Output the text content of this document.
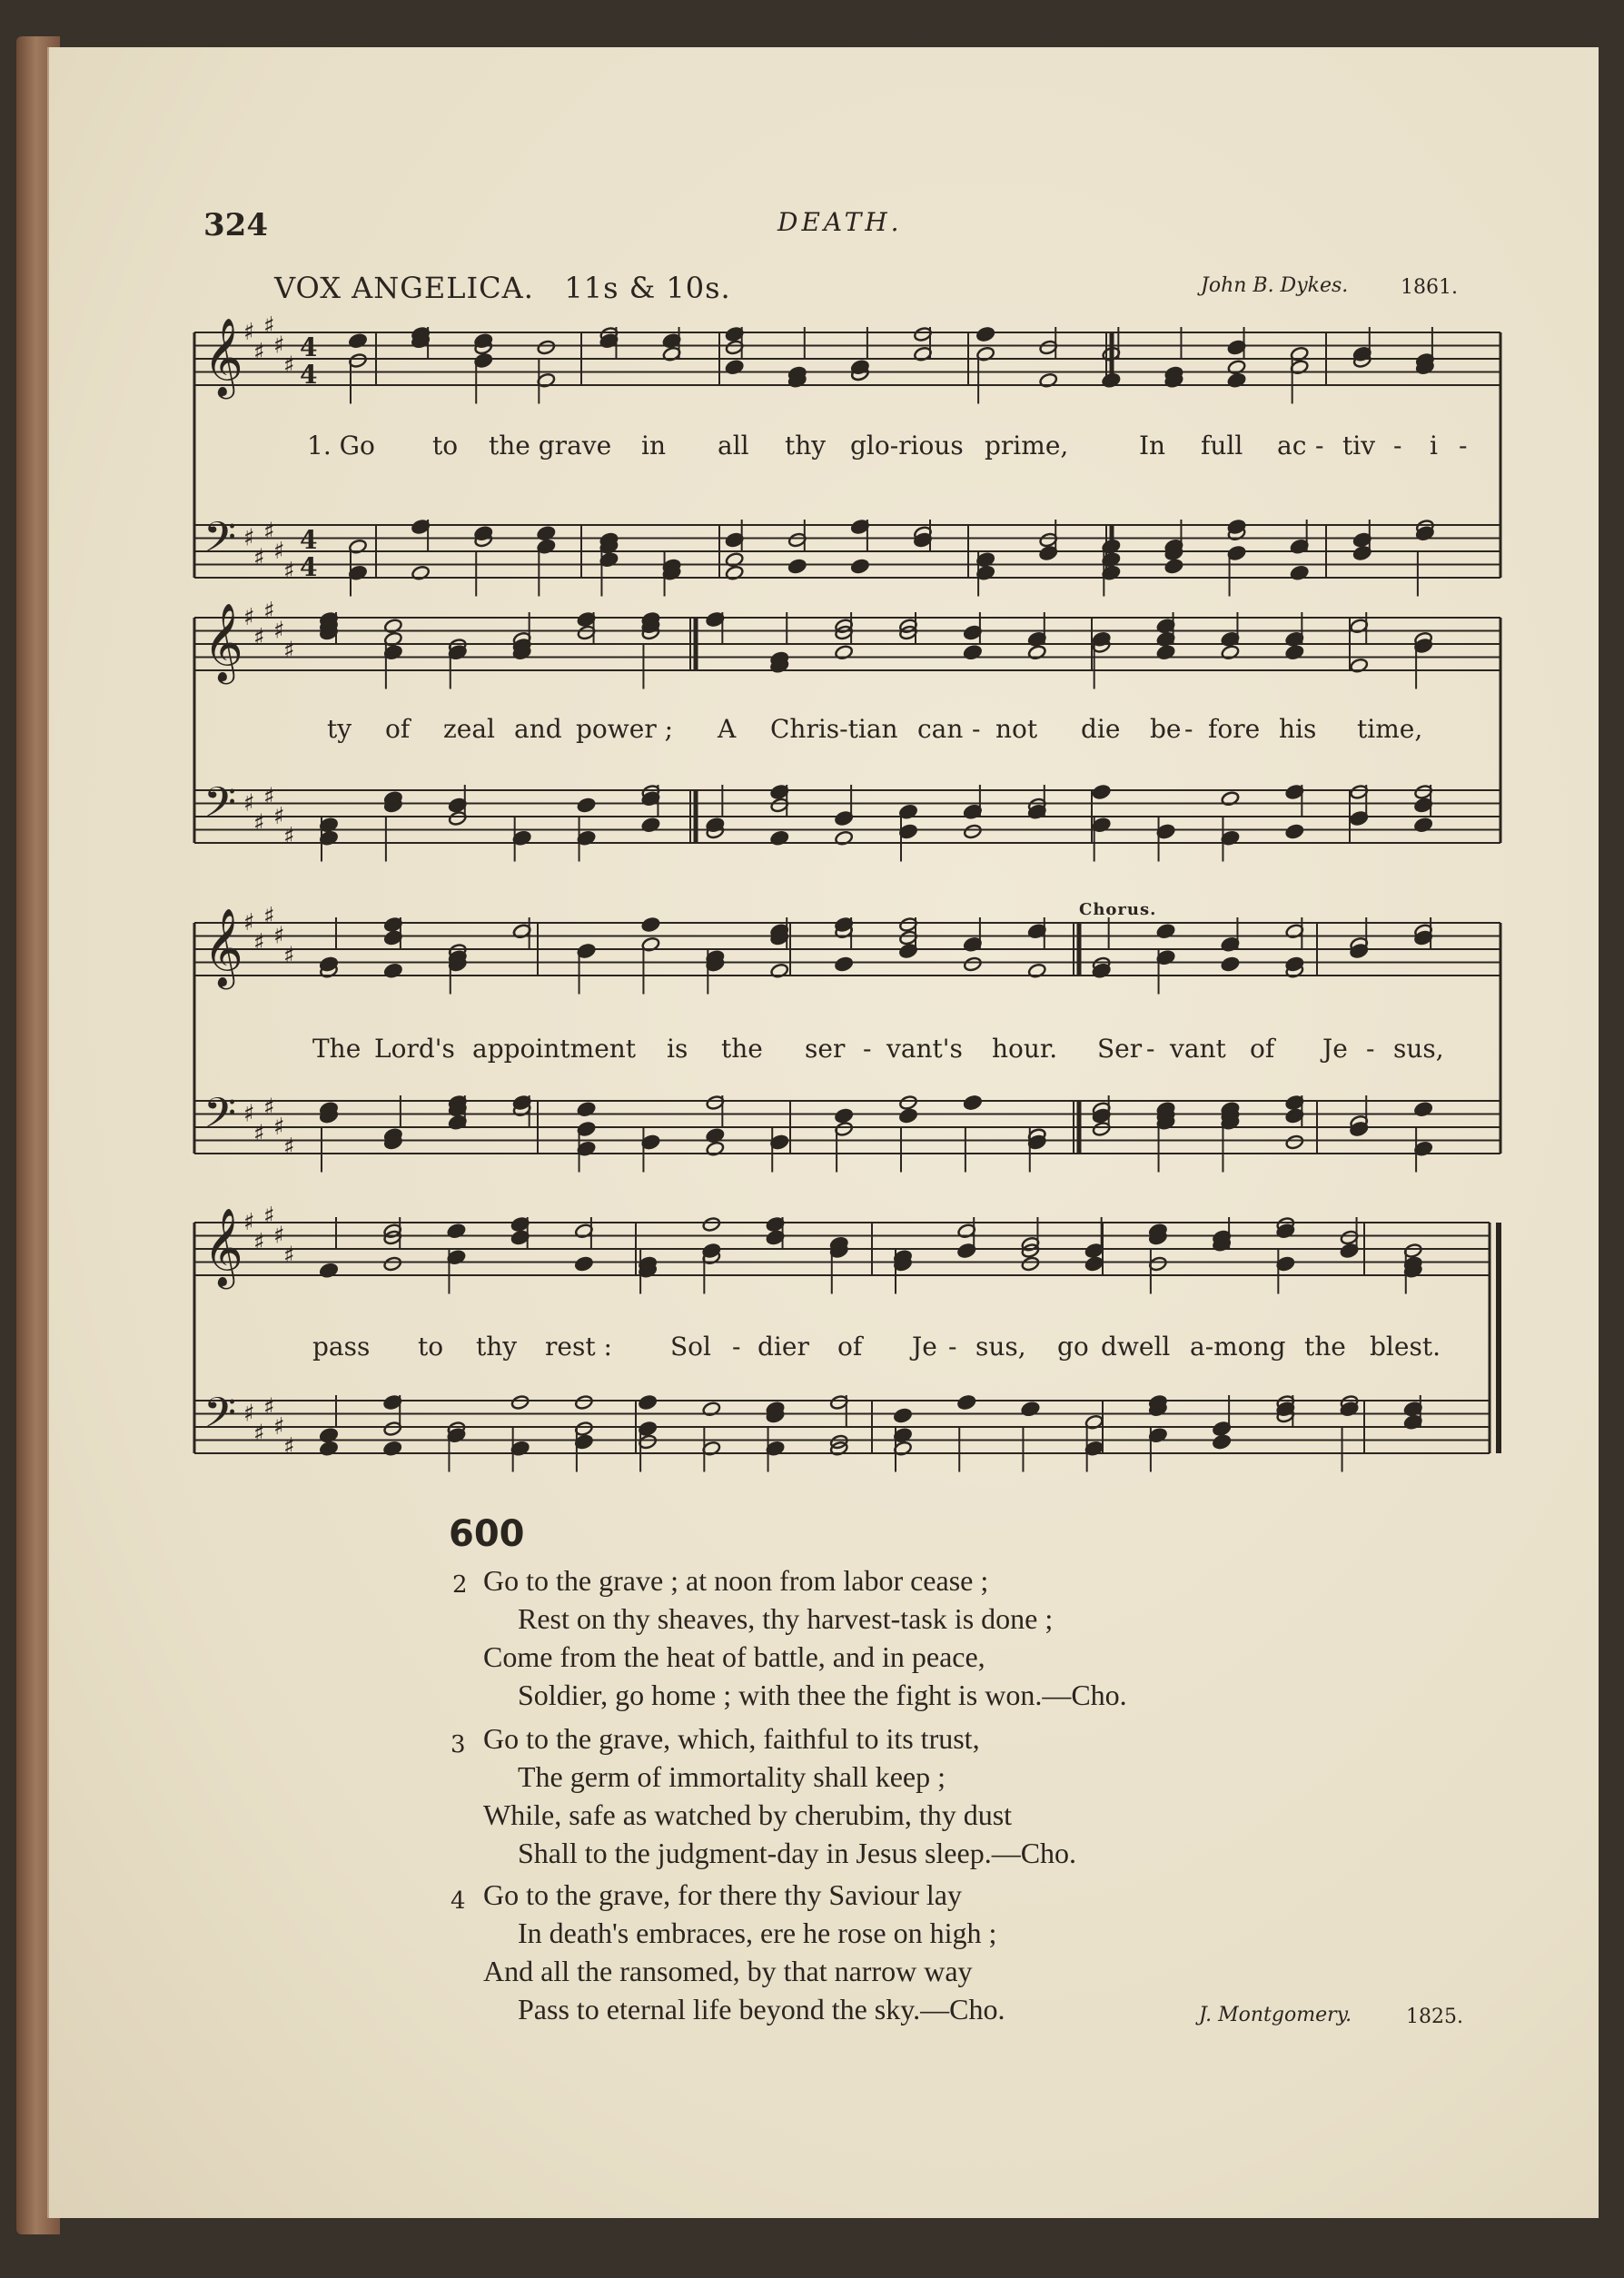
324	DEATH.
VOX ANGELICA. 11s & 10s.	John B. Dykes.	1861.
Chorus.
𝄞
𝄢
♯
♯
♯
♯
♯
♯
♯
♯
♯
♯
4
4
4
4
𝄞
𝄢
♯
♯
♯
♯
♯
♯
♯
♯
♯
♯
𝄞
𝄢
♯
♯
♯
♯
♯
♯
♯
♯
♯
♯
𝄞
𝄢
♯
♯
♯
♯
♯
♯
♯
♯
♯
♯
1. Go to the grave in all thy glo-rious prime,	In full ac - tiv - i -
ty of zeal and power ; A Chris-tian can - not die be - fore his time,
The Lord's appointment is the ser - vant's hour. Ser - vant of Je - sus,
pass to thy rest : Sol - dier of Je - sus, go dwell a-mong the blest.
600
2 Go to the grave ; at noon from labor cease ;
Rest on thy sheaves, thy harvest-task is done ;
Come from the heat of battle, and in peace,
Soldier, go home ; with thee the fight is won.—Cho.
3 Go to the grave, which, faithful to its trust,
The germ of immortality shall keep ;
While, safe as watched by cherubim, thy dust
Shall to the judgment-day in Jesus sleep.—Cho.
4 Go to the grave, for there thy Saviour lay
In death's embraces, ere he rose on high ;
And all the ransomed, by that narrow way
Pass to eternal life beyond the sky.—Cho.	J. Montgomery.	1825.
